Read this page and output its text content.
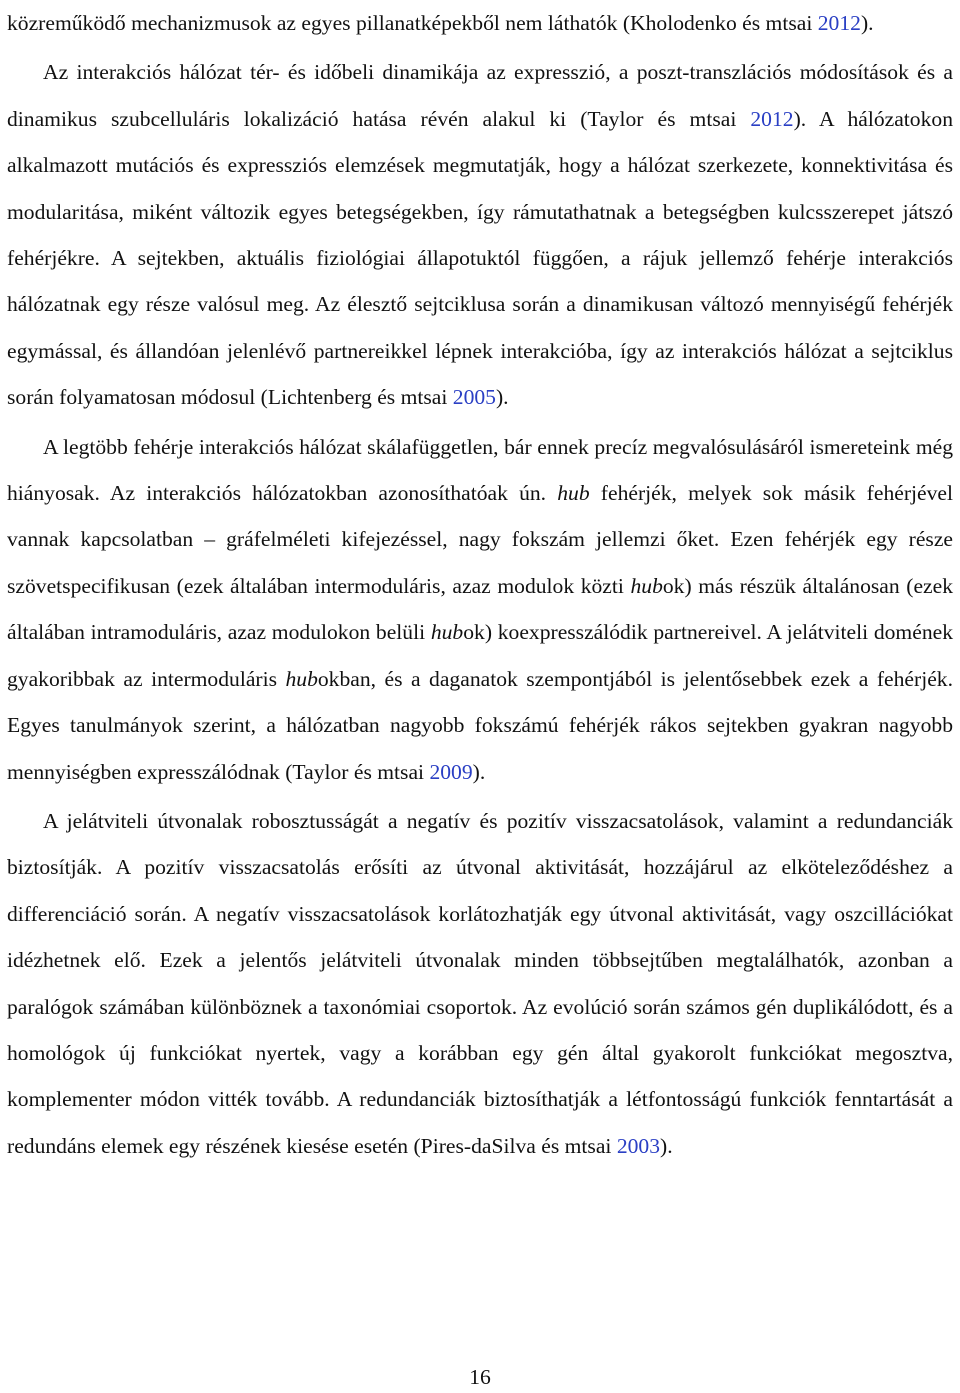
közreműködő mechanizmusok az egyes pillanatképekből nem láthatók (Kholodenko és mtsai 2012).

Az interakciós hálózat tér- és időbeli dinamikája az expresszió, a poszt-transzlációs módosítások és a dinamikus szubcelluláris lokalizáció hatása révén alakul ki (Taylor és mtsai 2012). A hálózatokon alkalmazott mutációs és expressziós elemzések megmutatják, hogy a hálózat szerkezete, konnektivitása és modularitása, miként változik egyes betegségekben, így rámutathatnak a betegségben kulcsszerepet játszó fehérjékre. A sejtekben, aktuális fiziológiai állapotuktól függően, a rájuk jellemző fehérje interakciós hálózatnak egy része valósul meg. Az élesztő sejtciklusa során a dinamikusan változó mennyiségű fehérjék egymással, és állandóan jelenlévő partnereikkel lépnek interakcióba, így az interakciós hálózat a sejtciklus során folyamatosan módosul (Lichtenberg és mtsai 2005).

A legtöbb fehérje interakciós hálózat skálafüggetlen, bár ennek precíz megvalósulásáról ismereteink még hiányosak. Az interakciós hálózatokban azonosíthatóak ún. hub fehérjék, melyek sok másik fehérjével vannak kapcsolatban – gráfelméleti kifejezéssel, nagy fokszám jellemzi őket. Ezen fehérjék egy része szövetspecifikusan (ezek általában intermoduláris, azaz modulok közti hubok) más részük általánosan (ezek általában intramoduláris, azaz modulokon belüli hubok) koexpresszálódik partnereivel. A jelátviteli domének gyakoribbak az intermoduláris hubokban, és a daganatok szempontjából is jelentősebbek ezek a fehérjék. Egyes tanulmányok szerint, a hálózatban nagyobb fokszámú fehérjék rákos sejtekben gyakran nagyobb mennyiségben expresszálódnak (Taylor és mtsai 2009).

A jelátviteli útvonalak robosztusságát a negatív és pozitív visszacsatolások, valamint a redundanciák biztosítják. A pozitív visszacsatolás erősíti az útvonal aktivitását, hozzájárul az elköteleződéshez a differenciáció során. A negatív visszacsatolások korlátozhatják egy útvonal aktivitását, vagy oszcillációkat idézhetnek elő. Ezek a jelentős jelátviteli útvonalak minden többsejtűben megtalálhatók, azonban a paralógok számában különböznek a taxonómiai csoportok. Az evolúció során számos gén duplikálódott, és a homológok új funkciókat nyertek, vagy a korábban egy gén által gyakorolt funkciókat megosztva, komplementer módon vitték tovább. A redundanciák biztosíthatják a létfontosságú funkciók fenntartását a redundáns elemek egy részének kiesése esetén (Pires-daSilva és mtsai 2003).

16
